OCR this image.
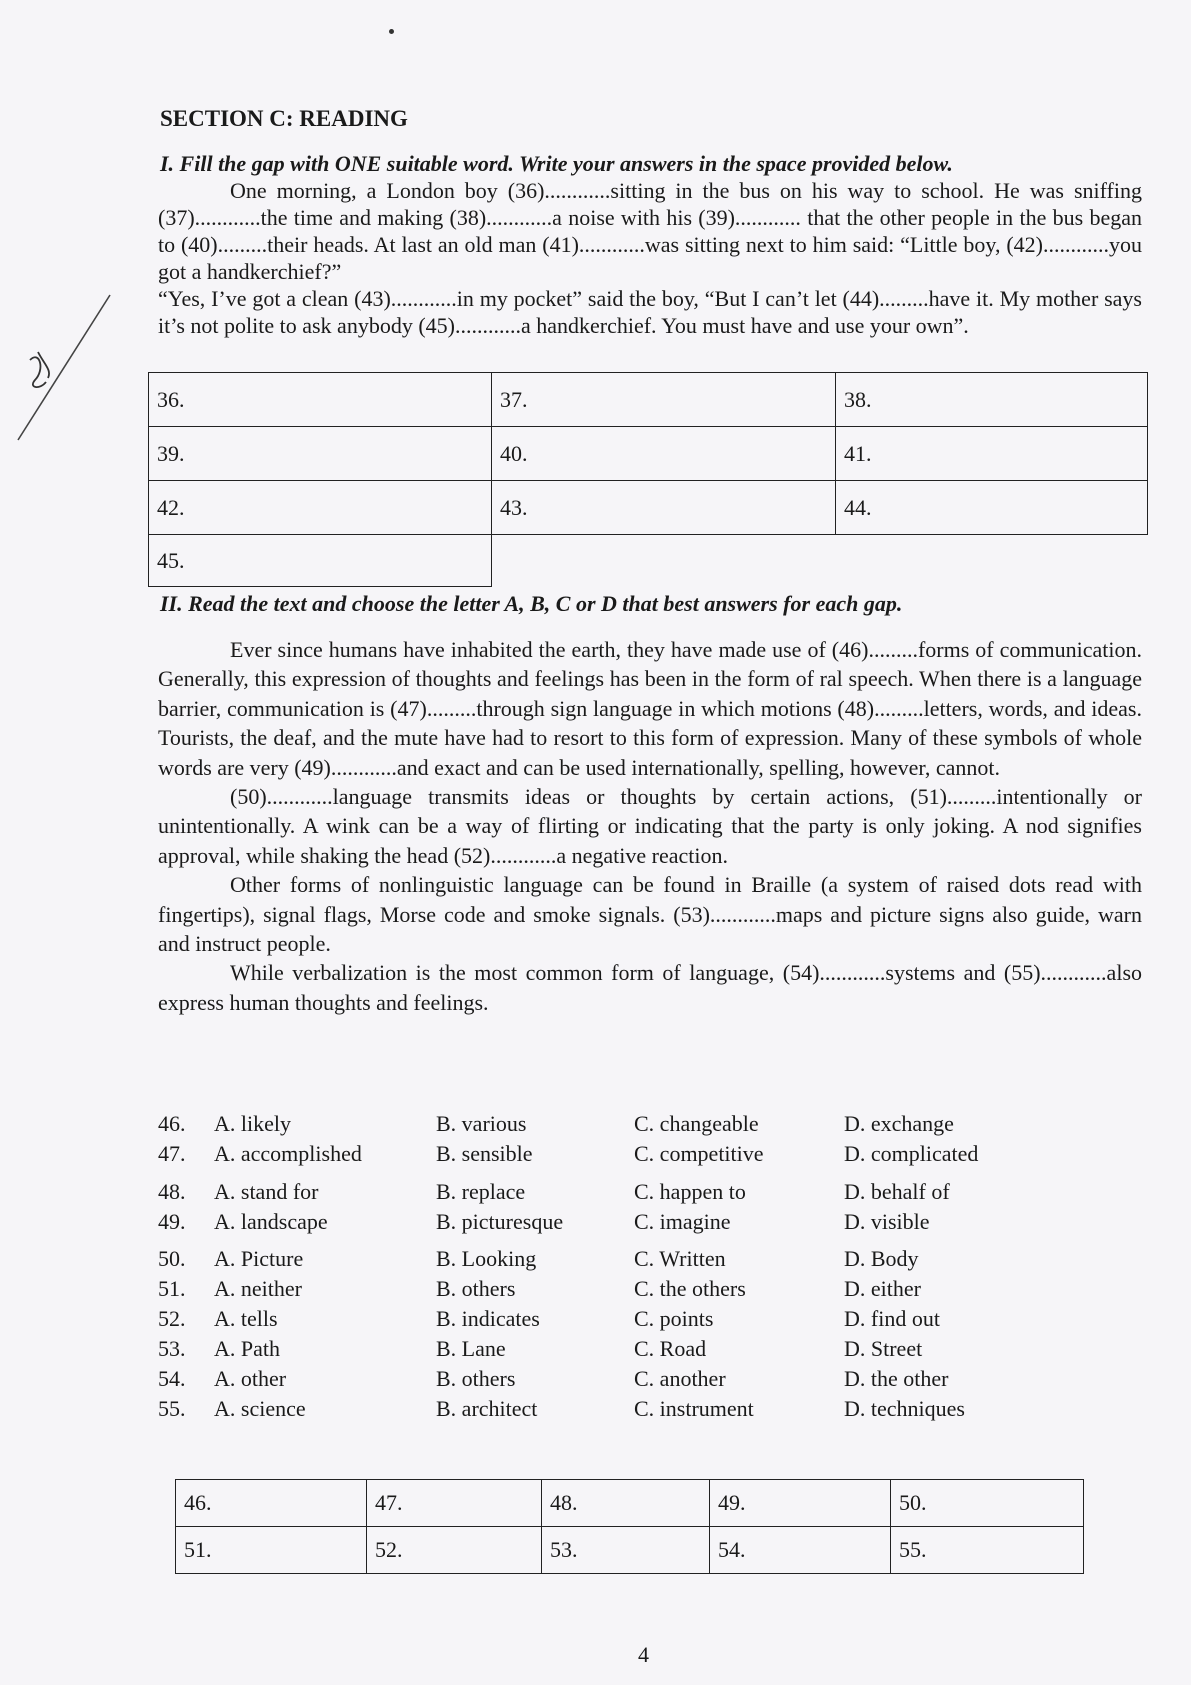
SECTION C: READING
I. Fill the gap with ONE suitable word. Write your answers in the space provided below.

One morning, a London boy (36)............sitting in the bus on his way to school. He was sniffing (37)............the time and making (38)............a noise with his (39)............ that the other people in the bus began to (40).........their heads. At last an old man (41)............was sitting next to him said: “Little boy, (42)............you got a handkerchief?”

“Yes, I’ve got a clean (43)............in my pocket” said the boy, “But I can’t let (44).........have it. My mother says it’s not polite to ask anybody (45)............a handkerchief. You must have and use your own”.

36.	37.	38.
39.	40.	41.
42.	43.	44.
45.		
II. Read the text and choose the letter A, B, C or D that best answers for each gap.

Ever since humans have inhabited the earth, they have made use of (46).........forms of communication. Generally, this expression of thoughts and feelings has been in the form of ral speech. When there is a language barrier, communication is (47).........through sign language in which motions (48).........letters, words, and ideas. Tourists, the deaf, and the mute have had to resort to this form of expression. Many of these symbols of whole words are very (49)............and exact and can be used internationally, spelling, however, cannot.

(50)............language transmits ideas or thoughts by certain actions, (51).........intentionally or unintentionally. A wink can be a way of flirting or indicating that the party is only joking. A nod signifies approval, while shaking the head (52)............a negative reaction.

Other forms of nonlinguistic language can be found in Braille (a system of raised dots read with fingertips), signal flags, Morse code and smoke signals. (53)............maps and picture signs also guide, warn and instruct people.

While verbalization is the most common form of language, (54)............systems and (55)............also express human thoughts and feelings.

46. A. likely	B. various	C. changeable	D. exchange
47. A. accomplished	B. sensible	C. competitive	D. complicated
48. A. stand for	B. replace	C. happen to	D. behalf of
49. A. landscape	B. picturesque	C. imagine	D. visible
50. A. Picture	B. Looking	C. Written	D. Body
51. A. neither	B. others	C. the others	D. either
52. A. tells	B. indicates	C. points	D. find out
53. A. Path	B. Lane	C. Road	D. Street
54. A. other	B. others	C. another	D. the other
55. A. science	B. architect	C. instrument	D. techniques
46.	47.	48.	49.	50.
51.	52.	53.	54.	55.
4
